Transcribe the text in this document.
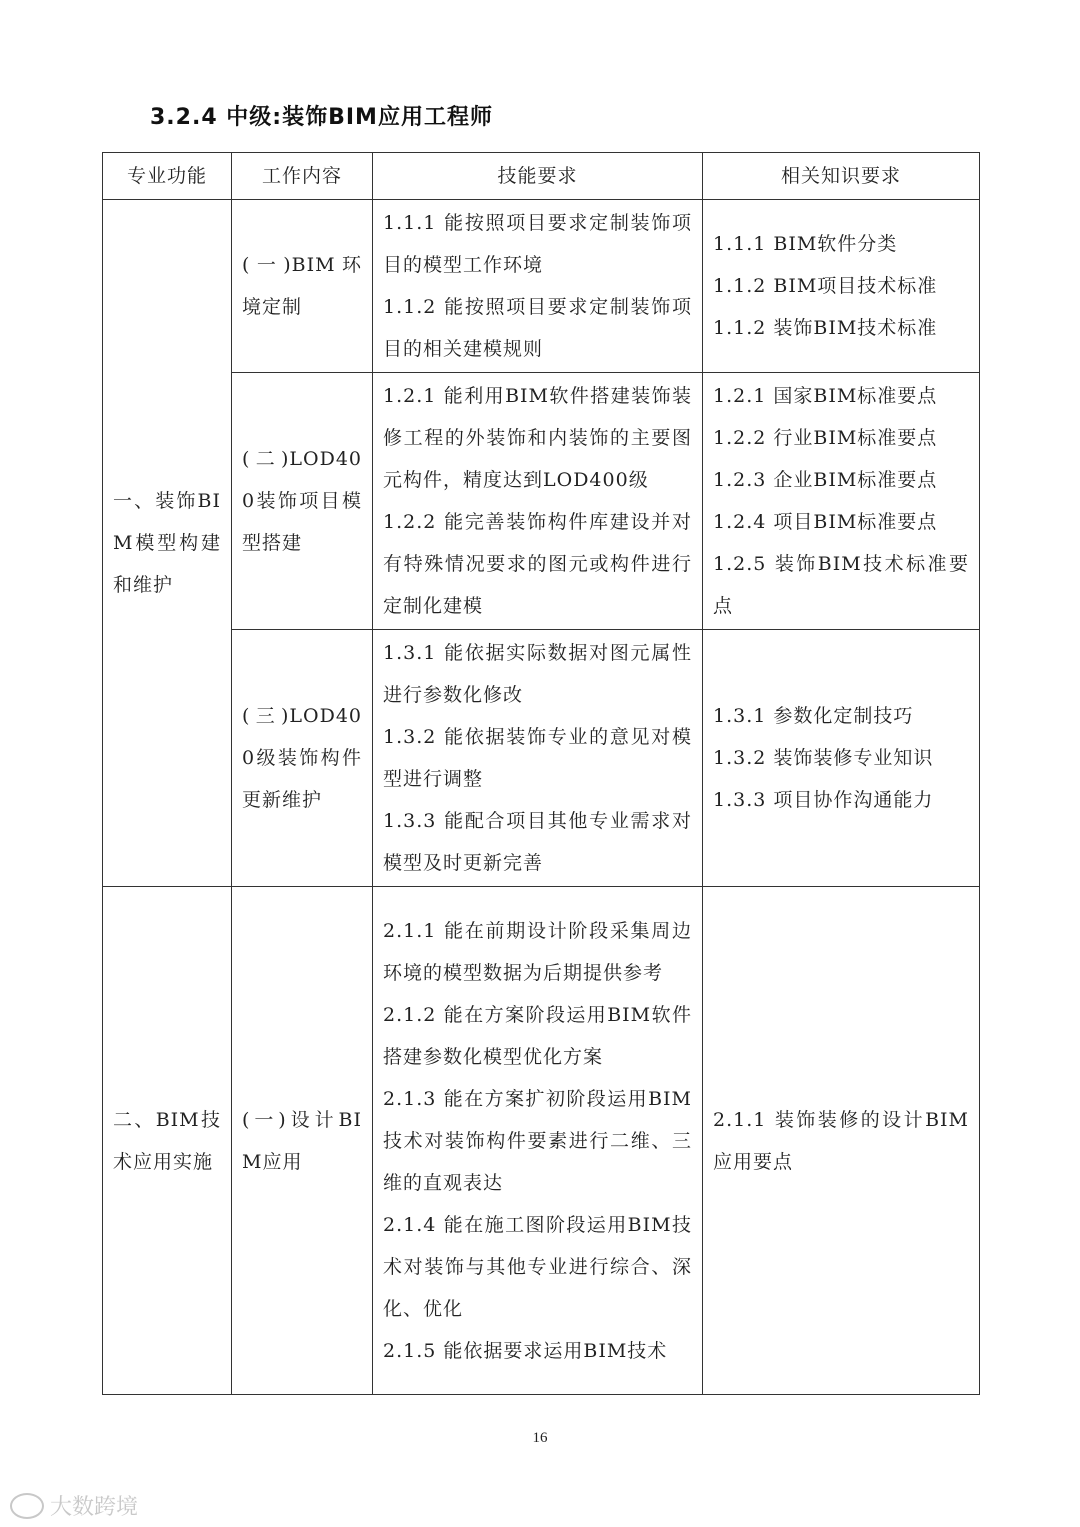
3.2.4 中级:装饰BIM应用工程师
专业功能	工作内容	技能要求	相关知识要求
一、装饰BIM模型构建和维护	(一)BIM环境定制	1.1.1 能按照项目要求定制装饰项目的模型工作环境
1.1.2 能按照项目要求定制装饰项目的相关建模规则	1.1.1 BIM软件分类
1.1.2 BIM项目技术标准
1.1.2 装饰BIM技术标准

	(二)LOD400装饰项目模型搭建	1.2.1 能利用BIM软件搭建装饰装修工程的外装饰和内装饰的主要图元构件，精度达到LOD400级
1.2.2 能完善装饰构件库建设并对有特殊情况要求的图元或构件进行定制化建模	1.2.1 国家BIM标准要点
1.2.2 行业BIM标准要点
1.2.3 企业BIM标准要点
1.2.4 项目BIM标准要点
1.2.5 装饰BIM技术标准要点

	(三)LOD400级装饰构件更新维护	1.3.1 能依据实际数据对图元属性进行参数化修改
1.3.2 能依据装饰专业的意见对模型进行调整
1.3.3 能配合项目其他专业需求对模型及时更新完善	1.3.1 参数化定制技巧
1.3.2 装饰装修专业知识
1.3.3 项目协作沟通能力

二、BIM技术应用实施	(一)设计BIM应用	2.1.1 能在前期设计阶段采集周边环境的模型数据为后期提供参考
2.1.2 能在方案阶段运用BIM软件搭建参数化模型优化方案
2.1.3 能在方案扩初阶段运用BIM技术对装饰构件要素进行二维、三维的直观表达
2.1.4 能在施工图阶段运用BIM技术对装饰与其他专业进行综合、深化、优化
2.1.5 能依据要求运用BIM技术	2.1.1 装饰装修的设计BIM应用要点
16
大数跨境
